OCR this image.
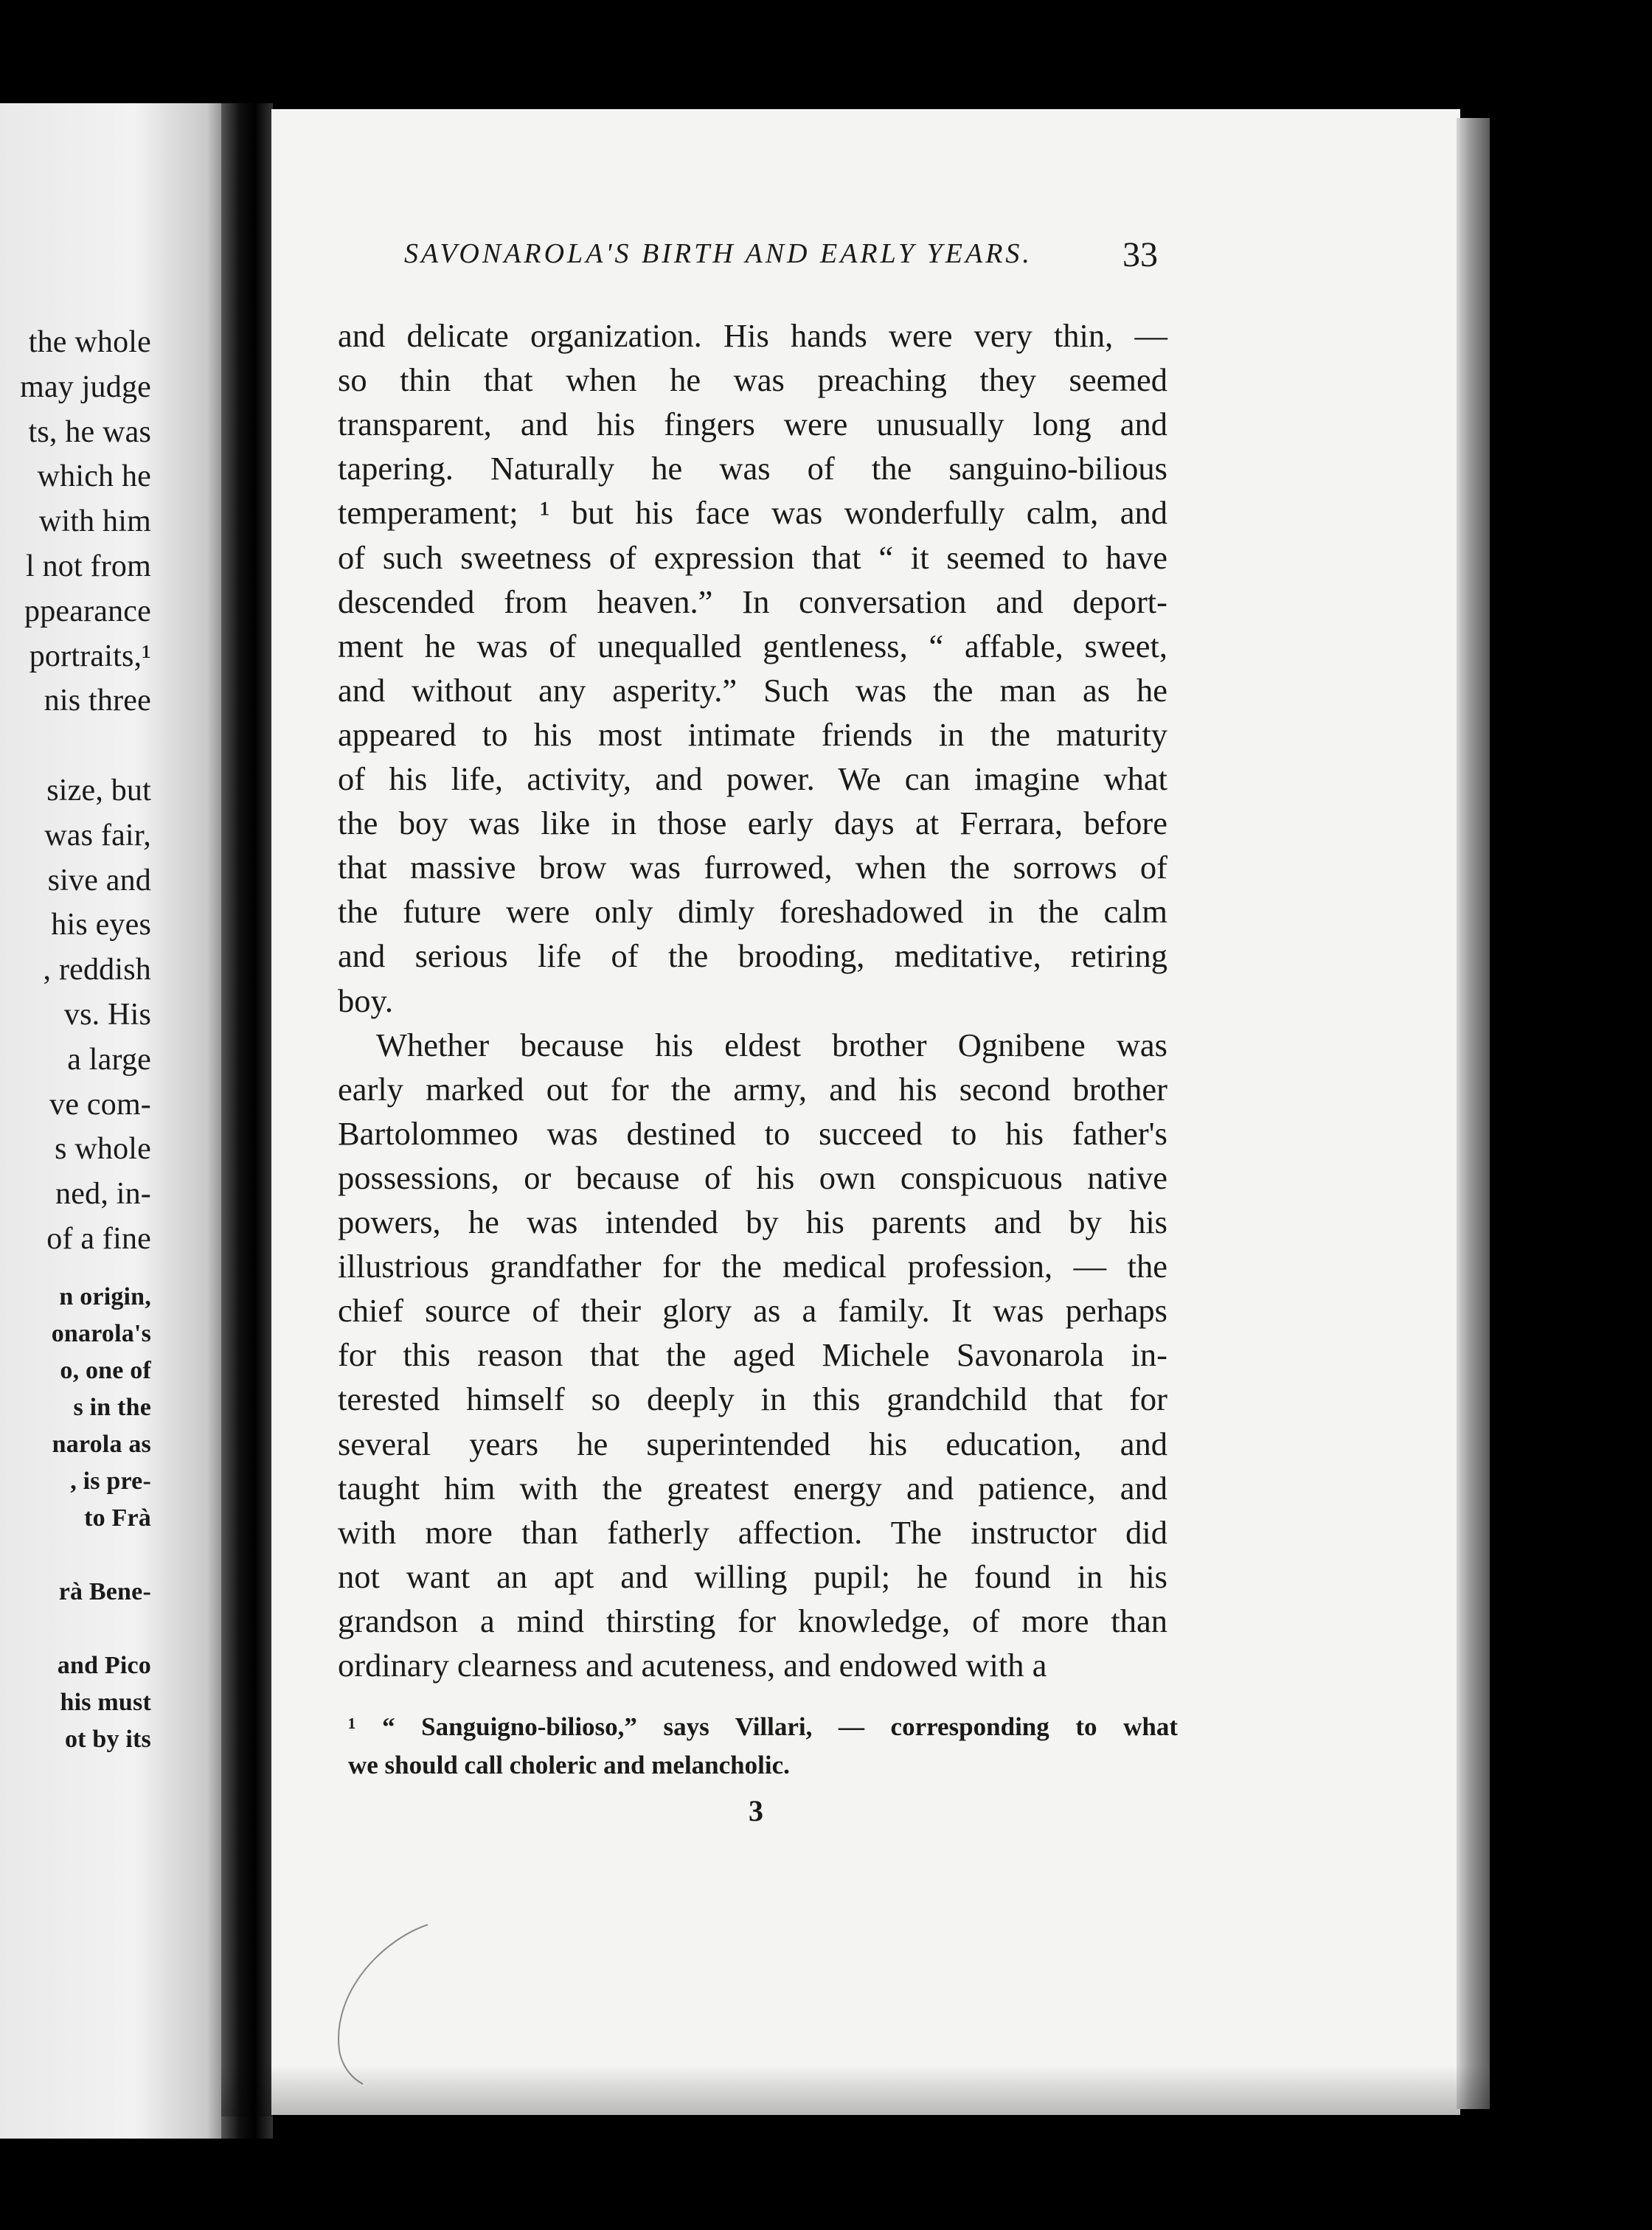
the whole
may judge
ts, he was
which he
with him
l not from
ppearance
portraits,¹
nis three
size, but
was fair,
sive and
his eyes
, reddish
vs. His
a large
ve com-
s whole
ned, in-
of a fine
n origin,
onarola's
o, one of
s in the
narola as
, is pre-
to Frà
rà Bene-
and Pico
his must
ot by its
SAVONAROLA'S BIRTH AND EARLY YEARS.	33
and delicate organization. His hands were very thin, —
so thin that when he was preaching they seemed
transparent, and his fingers were unusually long and
tapering. Naturally he was of the sanguino-bilious
temperament; ¹ but his face was wonderfully calm, and
of such sweetness of expression that “ it seemed to have
descended from heaven.” In conversation and deport-
ment he was of unequalled gentleness, “ affable, sweet,
and without any asperity.” Such was the man as he
appeared to his most intimate friends in the maturity
of his life, activity, and power. We can imagine what
the boy was like in those early days at Ferrara, before
that massive brow was furrowed, when the sorrows of
the future were only dimly foreshadowed in the calm
and serious life of the brooding, meditative, retiring
boy.
Whether because his eldest brother Ognibene was
early marked out for the army, and his second brother
Bartolommeo was destined to succeed to his father's
possessions, or because of his own conspicuous native
powers, he was intended by his parents and by his
illustrious grandfather for the medical profession, — the
chief source of their glory as a family. It was perhaps
for this reason that the aged Michele Savonarola in-
terested himself so deeply in this grandchild that for
several years he superintended his education, and
taught him with the greatest energy and patience, and
with more than fatherly affection. The instructor did
not want an apt and willing pupil; he found in his
grandson a mind thirsting for knowledge, of more than
ordinary clearness and acuteness, and endowed with a
¹ “ Sanguigno-bilioso,” says Villari, — corresponding to what
we should call choleric and melancholic.
3
